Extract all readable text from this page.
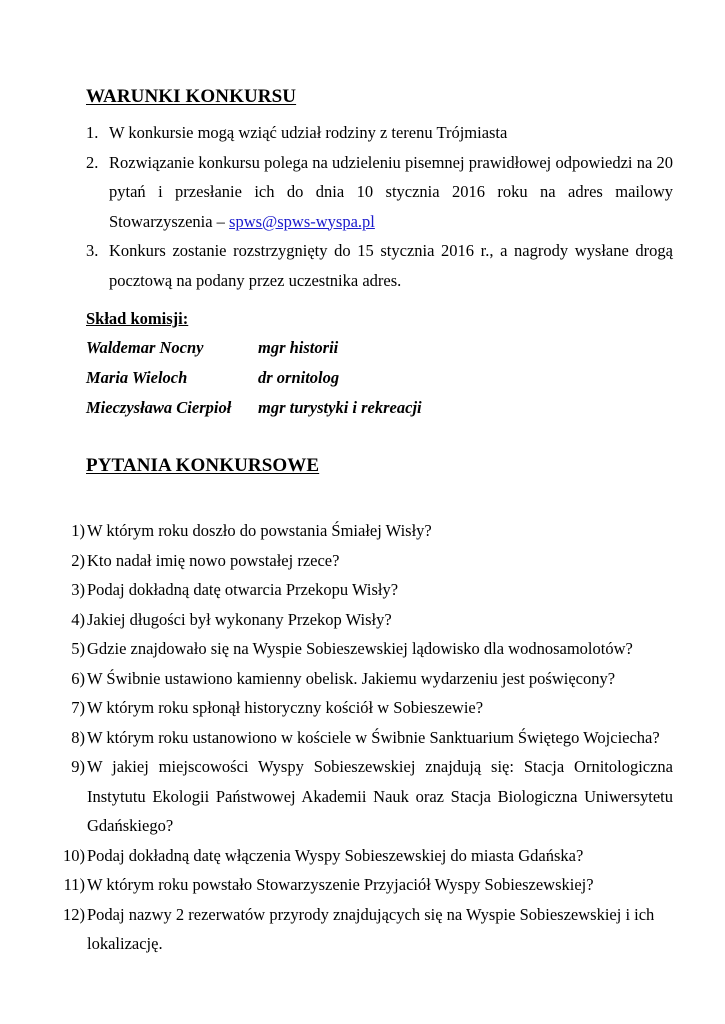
WARUNKI KONKURSU
1. W konkursie mogą wziąć udział rodziny z terenu Trójmiasta
2. Rozwiązanie konkursu polega na udzieleniu pisemnej prawidłowej odpowiedzi na 20 pytań i przesłanie ich do dnia 10 stycznia 2016 roku na adres mailowy Stowarzyszenia – spws@spws-wyspa.pl
3. Konkurs zostanie rozstrzygnięty do 15 stycznia 2016 r., a nagrody wysłane drogą pocztową na podany przez uczestnika adres.

Skład komisji:

Waldemar Nocny	mgr historii
Maria Wieloch	dr ornitolog
Mieczysława Cierpioł mgr turystyki i rekreacji
PYTANIA KONKURSOWE
1) W którym roku doszło do powstania Śmiałej Wisły?
2) Kto nadał imię nowo powstałej rzece?
3) Podaj dokładną datę otwarcia Przekopu Wisły?
4) Jakiej długości był wykonany Przekop Wisły?
5) Gdzie znajdowało się na Wyspie Sobieszewskiej lądowisko dla wodnosamolotów?
6) W Świbnie ustawiono kamienny obelisk. Jakiemu wydarzeniu jest poświęcony?
7) W którym roku spłonął historyczny kościół w Sobieszewie?
8) W którym roku ustanowiono w kościele w Świbnie Sanktuarium Świętego Wojciecha?
9) W jakiej miejscowości Wyspy Sobieszewskiej znajdują się: Stacja Ornitologiczna Instytutu Ekologii Państwowej Akademii Nauk oraz Stacja Biologiczna Uniwersytetu Gdańskiego?
10) Podaj dokładną datę włączenia Wyspy Sobieszewskiej do miasta Gdańska?
11) W którym roku powstało Stowarzyszenie Przyjaciół Wyspy Sobieszewskiej?
12) Podaj nazwy 2 rezerwatów przyrody znajdujących się na Wyspie Sobieszewskiej i ich lokalizację.
